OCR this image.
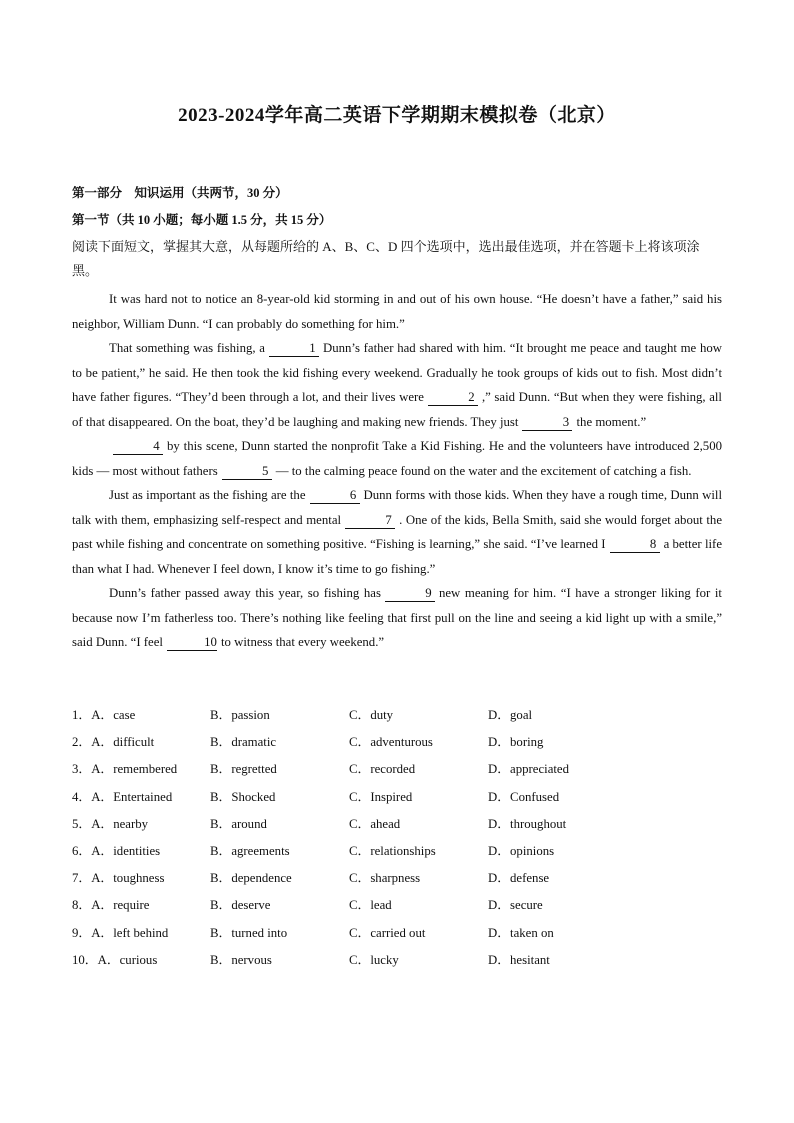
2023-2024学年高二英语下学期期末模拟卷（北京）
第一部分　知识运用（共两节，30 分）
第一节（共 10 小题；每小题 1.5 分，共 15 分）
阅读下面短文，掌握其大意，从每题所给的 A、B、C、D 四个选项中，选出最佳选项，并在答题卡上将该项涂黑。

It was hard not to notice an 8-year-old kid storming in and out of his own house. “He doesn’t have a father,” said his neighbor, William Dunn. “I can probably do something for him.”

That something was fishing, a	1 Dunn’s father had shared with him. “It brought me peace and taught me how to be patient,” he said. He then took the kid fishing every weekend. Gradually he took groups of kids out to fish. Most didn’t have father figures. “They’d been through a lot, and their lives were	2 ,” said Dunn. “But when they were fishing, all of that disappeared. On the boat, they’d be laughing and making new friends. They just	3 the moment.”

4 by this scene, Dunn started the nonprofit Take a Kid Fishing. He and the volunteers have introduced 2,500 kids — most without fathers	5 — to the calming peace found on the water and the excitement of catching a fish.

Just as important as the fishing are the	6 Dunn forms with those kids. When they have a rough time, Dunn will talk with them, emphasizing self-respect and mental	7 . One of the kids, Bella Smith, said she would forget about the past while fishing and concentrate on something positive. “Fishing is learning,” she said. “I’ve learned I	8 a better life than what I had. Whenever I feel down, I know it’s time to go fishing.”

Dunn’s father passed away this year, so fishing has	9 new meaning for him. “I have a stronger liking for it because now I’m fatherless too. There’s nothing like feeling that first pull on the line and seeing a kid light up with a smile,” said Dunn. “I feel	10 to witness that every weekend.”

1．A．case	B．passion	C．duty	D．goal
2．A．difficult	B．dramatic	C．adventurous	D．boring
3．A．remembered	B．regretted	C．recorded	D．appreciated
4．A．Entertained	B．Shocked	C．Inspired	D．Confused
5．A．nearby	B．around	C．ahead	D．throughout
6．A．identities	B．agreements	C．relationships	D．opinions
7．A．toughness	B．dependence	C．sharpness	D．defense
8．A．require	B．deserve	C．lead	D．secure
9．A．left behind	B．turned into	C．carried out	D．taken on
10．A．curious	B．nervous	C．lucky	D．hesitant
